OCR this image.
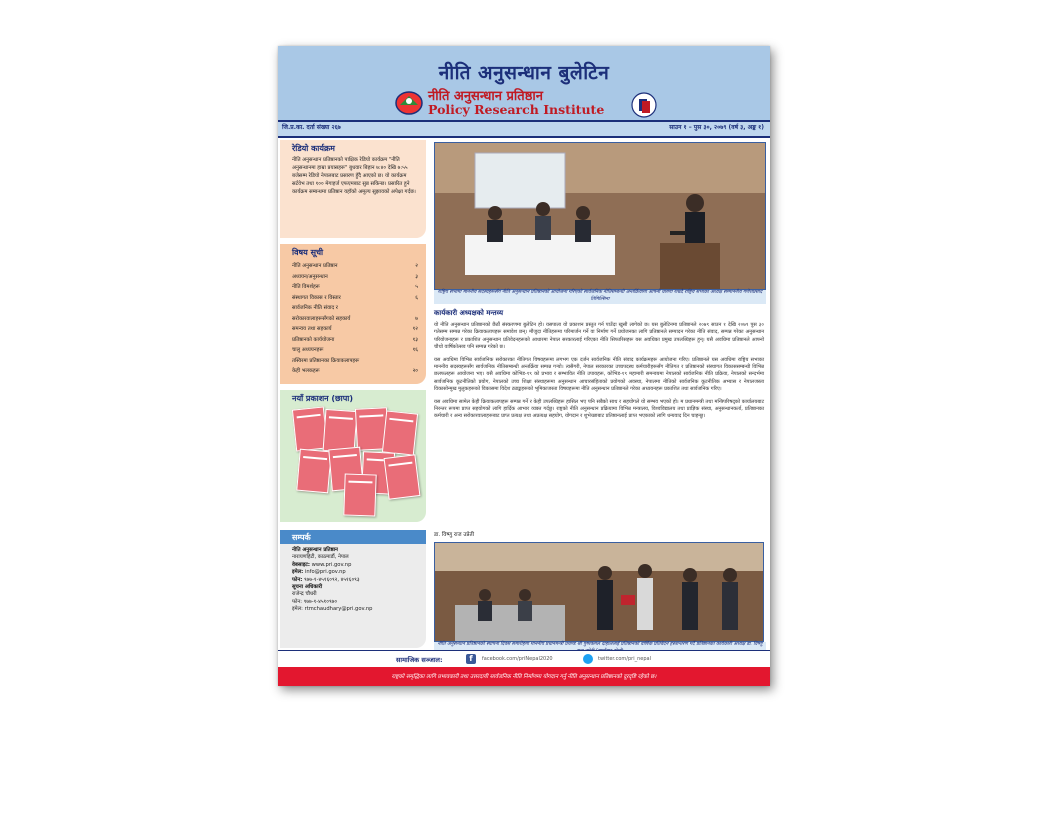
नीति अनुसन्धान बुलेटिन
नीति अनुसन्धान प्रतिष्ठान
Policy Research Institute
जि.प्र.का. दर्ता संख्या २६७	साउन १ – पुस ३०, २०७९ (वर्ष ३, अङ्क १)
रेडियो कार्यक्रम

नीति अनुसन्धान प्रतिष्ठानको पाक्षिक रेडियो कार्यक्रम "नीति अनुसन्धानमा हाम्रा प्रयासहरू" बुधवार बिहान ७:४० देखि ७:५५ बजेसम्म रेडियो नेपालबाट प्रसारण हुँदै आएको छ। यो कार्यक्रम सर्टवेभ तथा १०० मेगाहर्ज एफएमबाट सुन्न सकिन्छ। प्रसारित हुने कार्यक्रम सम्बन्धमा प्रतिष्ठान यहाँको अमूल्य सुझावको अपेक्षा गर्दछ।

विषय सूची
नीति अनुसन्धान प्रतिष्ठान	२
अध्ययन/अनुसन्धान	३
नीति विमर्शहरू	५
संस्थागत विकास र विस्तार	६
सार्वजनिक नीति संवाद र
सरोकारवालाहरूसँगको सहकार्य	७
समन्वय तथा सहकार्य	१२
प्रतिष्ठानको कार्ययोजना	१३
चालु अध्ययनहरू	१६
तस्विरमा प्रतिष्ठानका क्रियाकलापहरू
केही भलकहरू	२०
नयाँ प्रकाशन (छापा)
सम्पर्क
नीति अनुसन्धान प्रतिष्ठान
नारायणहिटी, काठमाडौं, नेपाल
वेबसाइट: www.pri.gov.np
इमेल: info@pri.gov.np
फोन: ९७७-१-४५१६०९२, ४५१६०९३
सूचना अधिकारी
राजेन्द्र चौधरी
फोन: ९७७-१-४५१०९७०
इमेल: rtmchaudhary@pri.gov.np
राष्ट्रिय सभामा माननीय सदस्यहरूसँग नीति अनुसन्धान प्रतिष्ठानको आयोजना गरिएको सार्वजनिक नीतिसम्बन्धी अन्तर्क्रियामा आफ्नो धारणा राख्दै राष्ट्रिय सभाका अध्यक्ष सम्माननीय गणेशप्रसाद तिमिल्सिना
कार्यकारी अध्यक्षको मन्तव्य

यो नीति अनुसन्धान प्रतिष्ठानको छैठौं संस्करणमा बुलेटिन हो। यसपाला यो प्रकाशन प्रस्तुत गर्न पाउँदा खुसी लागेको छ। यस बुलेटिनमा प्रतिष्ठानले २०७९ साउन १ देखि २०७९ पुस ३० गतेसम्म सम्पन्न गरेका क्रियाकलापहरू समावेश छन्। मौजुदा नीतिहरूमा परिमार्जन गर्ने वा निर्माण गर्ने प्रयोजनका लागि प्रतिष्ठानले सम्पादन गरेका नीति संवाद, सम्पन्न गरेका अनुसन्धान परियोजनाहरू र प्रकाशित अनुसन्धान प्रतिवेदनहरूको आधारमा नेपाल सरकारलाई गरिएका नीति सिफारिसहरू यस अवधिका प्रमुख उपलब्धिहरू हुन्। यसै अवधिमा प्रतिष्ठानले आफ्नो चौथो वार्षिकोत्सव पनि सम्पन्न गरेको छ।

यस अवधिमा विभिन्न सार्वजनिक सरोकारका नीतिगत विषयहरूमा लगभग एक दर्जन सार्वजनिक नीति संवाद कार्यक्रमहरू आयोजना गरिए। प्रतिष्ठानले यस अवधिमा राष्ट्रिय सभाका माननीय सदस्यहरूसँग सार्वजनिक नीतिसम्बन्धी अन्तर्क्रिया सम्पन्न गर्‍यो। त्यसैगरी, नेपाल सरकारका उच्चपदस्थ कर्मचारीहरूसँग नीतिगत र प्रतिष्ठानको संस्थागत विकाससम्बन्धी विभिन्न छलफलहरू आयोजना भए। यसै अवधिमा कोभिड-१९ को प्रभाव र सम्भावित नीति उपायहरू, कोभिड-१९ महामारी समन्वयमा नेपालको सार्वजनिक नीति प्रक्रिया, नेपालको सन्दर्भमा सार्वजनिक कूटनीतिको प्रयोग, नेपालको उच्च शिक्षा संस्थाहरूमा अनुसन्धान आचारसंहिताको प्रयोगको अवस्था, नेपालमा नीतिको सार्वजनिक कूटनीतिक अभ्यास र नेपालजस्ता विकासोन्मुख मुलुकहरूको विकासमा विदेश ट्याङ्कहरूको भूमिकाजस्ता विषयहरूमा नीति अनुसन्धान प्रतिष्ठानले गरेका अध्ययनहरू प्रकाशित तथा सार्वजनिक गरिए।

यस अवधिमा सामेल केही क्रियाकलापहरू सम्पन्न गर्ने र केही उपलब्धिहरू हासिल भए पनि सबैको साथ र सहयोगले यो सम्भव भएको हो। म प्रधानमन्त्री तथा मन्त्रिपरिषद्को कार्यालयबाट निरन्तर रूपमा प्राप्त सहयोगको लागि हार्दिक आभार व्यक्त गर्दछु। राष्ट्रको नीति अनुसन्धान प्रक्रियामा विभिन्न मन्त्रालय, विश्वविद्यालय तथा प्राज्ञिक संस्था, अनुसन्धानकर्ता, प्रतिष्ठानका कर्मचारी र अन्य सरोकारवालाहरूबाट प्राप्त प्रत्यक्ष तथा अप्रत्यक्ष सहयोग, योगदान र शुभेच्छाबाट प्रतिष्ठानलाई प्राप्त भएकाको लागि धन्यवाद दिन चाहन्छु।

डा. विष्णु राज उप्रेती
नीति अनुसन्धान प्रतिष्ठानको स्थापना दिवस समारोहमा माननीय प्रधानमन्त्री प्रचण्ड श्री पुष्पकमल दाहाललाई प्रतिष्ठानको वार्षिक प्रतिवेदन हस्तान्तरण गर्दै प्रतिष्ठानका कार्यकारी अध्यक्ष डा. विष्णु
सामाजिक सञ्जाल:	f	facebook.com/priNepal2020	twitter.com/pri_nepal
राष्ट्रको समृद्धिका लागि प्रभावकारी तथा उत्तरदायी सार्वजनिक नीति निर्माणमा योगदान गर्नु नीति अनुसन्धान प्रतिष्ठानको दूरदृष्टि रहेको छ।
